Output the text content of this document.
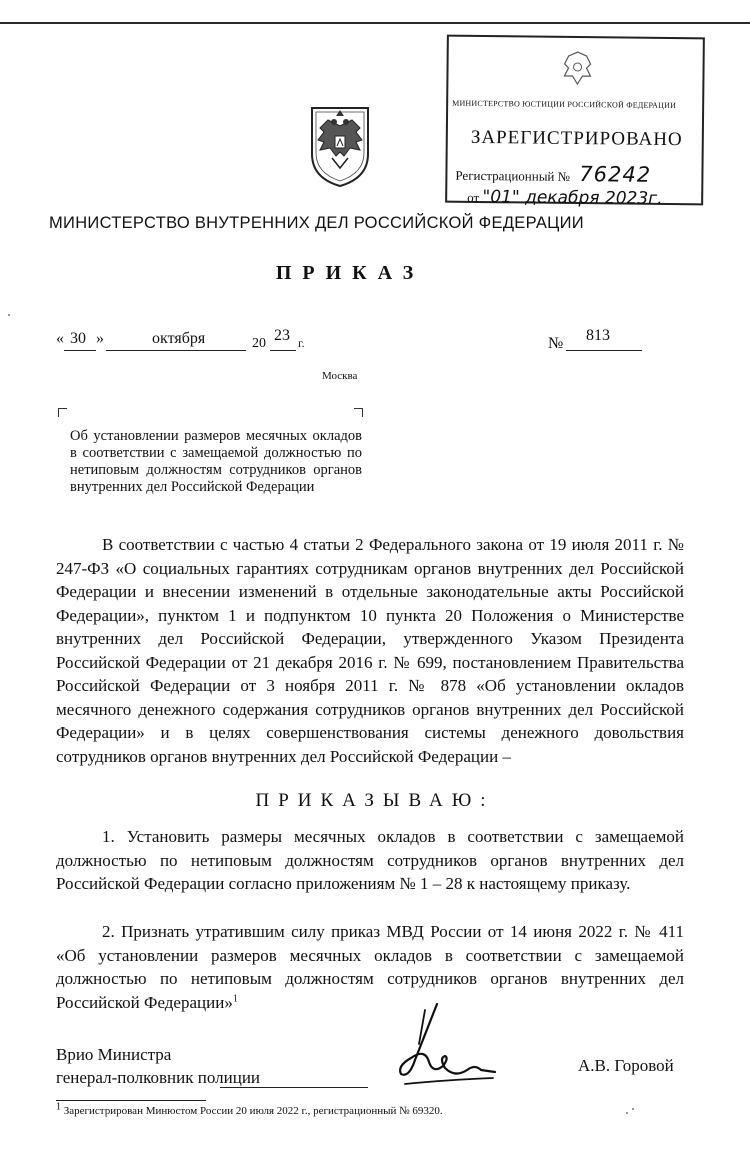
МИНИСТЕРСТВО ЮСТИЦИИ РОССИЙСКОЙ ФЕДЕРАЦИИ
ЗАРЕГИСТРИРОВАНО
Регистрационный № 76242
от "01" декабря 2023г.
МИНИСТЕРСТВО ВНУТРЕННИХ ДЕЛ РОССИЙСКОЙ ФЕДЕРАЦИИ
ПРИКАЗ
« 30 »	октября	20 23 г.	№ 813
Москва
Об установлении размеров месячных окладов в соответствии с замещаемой должностью по нетиповым должностям сотрудников органов внутренних дел Российской Федерации
В соответствии с частью 4 статьи 2 Федерального закона от 19 июля 2011 г. № 247-ФЗ «О социальных гарантиях сотрудникам органов внутренних дел Российской Федерации и внесении изменений в отдельные законодательные акты Российской Федерации», пунктом 1 и подпунктом 10 пункта 20 Положения о Министерстве внутренних дел Российской Федерации, утвержденного Указом Президента Российской Федерации от 21 декабря 2016 г. № 699, постановлением Правительства Российской Федерации от 3 ноября 2011 г. № 878 «Об установлении окладов месячного денежного содержания сотрудников органов внутренних дел Российской Федерации» и в целях совершенствования системы денежного довольствия сотрудников органов внутренних дел Российской Федерации –
ПРИКАЗЫВАЮ:
1. Установить размеры месячных окладов в соответствии с замещаемой должностью по нетиповым должностям сотрудников органов внутренних дел Российской Федерации согласно приложениям № 1 – 28 к настоящему приказу.
2. Признать утратившим силу приказ МВД России от 14 июня 2022 г. № 411 «Об установлении размеров месячных окладов в соответствии с замещаемой должностью по нетиповым должностям сотрудников органов внутренних дел Российской Федерации»$^1$
Врио Министра
генерал-полковник полиции
А.В. Горовой
1 Зарегистрирован Минюстом России 20 июля 2022 г., регистрационный № 69320.
